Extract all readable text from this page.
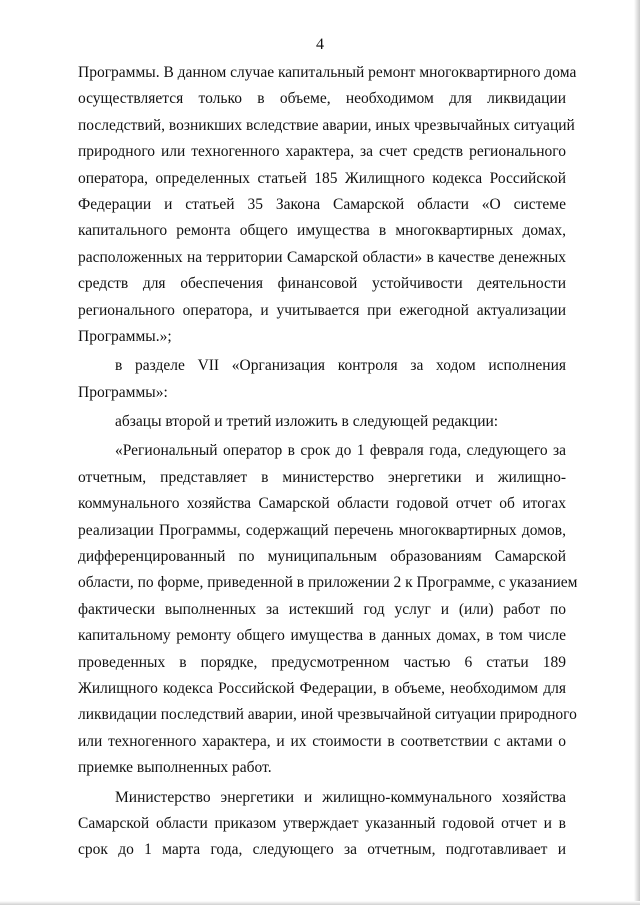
4
Программы. В данном случае капитальный ремонт многоквартирного дома
осуществляется только в объеме, необходимом для ликвидации
последствий, возникших вследствие аварии, иных чрезвычайных ситуаций
природного или техногенного характера, за счет средств регионального
оператора, определенных статьей 185 Жилищного кодекса Российской
Федерации и статьей 35 Закона Самарской области «О системе
капитального ремонта общего имущества в многоквартирных домах,
расположенных на территории Самарской области» в качестве денежных
средств для обеспечения финансовой устойчивости деятельности
регионального оператора, и учитывается при ежегодной актуализации
Программы.»;
в разделе VII «Организация контроля за ходом исполнения
Программы»:
абзацы второй и третий изложить в следующей редакции:
«Региональный оператор в срок до 1 февраля года, следующего за
отчетным, представляет в министерство энергетики и жилищно-
коммунального хозяйства Самарской области годовой отчет об итогах
реализации Программы, содержащий перечень многоквартирных домов,
дифференцированный по муниципальным образованиям Самарской
области, по форме, приведенной в приложении 2 к Программе, с указанием
фактически выполненных за истекший год услуг и (или) работ по
капитальному ремонту общего имущества в данных домах, в том числе
проведенных в порядке, предусмотренном частью 6 статьи 189
Жилищного кодекса Российской Федерации, в объеме, необходимом для
ликвидации последствий аварии, иной чрезвычайной ситуации природного
или техногенного характера, и их стоимости в соответствии с актами о
приемке выполненных работ.
Министерство энергетики и жилищно-коммунального хозяйства
Самарской области приказом утверждает указанный годовой отчет и в
срок до 1 марта года, следующего за отчетным, подготавливает и
